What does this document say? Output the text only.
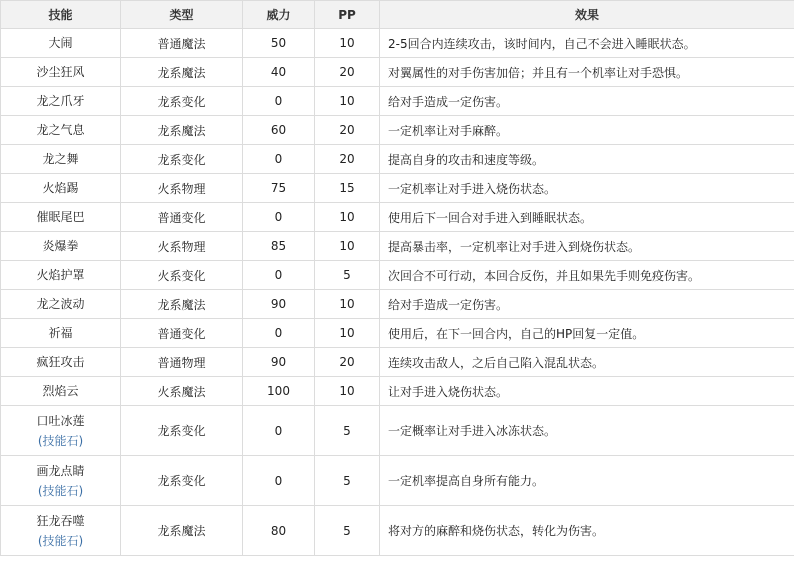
技能	类型	威力	PP	效果

大闹	普通魔法	50	10	2-5回合内连续攻击，该时间内，自己不会进入睡眠状态。

沙尘狂风	龙系魔法	40	20	对翼属性的对手伤害加倍；并且有一个机率让对手恐惧。

龙之爪牙	龙系变化	0	10	给对手造成一定伤害。

龙之气息	龙系魔法	60	20	一定机率让对手麻醉。

龙之舞	龙系变化	0	20	提高自身的攻击和速度等级。

火焰踢	火系物理	75	15	一定机率让对手进入烧伤状态。

催眠尾巴	普通变化	0	10	使用后下一回合对手进入到睡眠状态。

炎爆拳	火系物理	85	10	提高暴击率，一定机率让对手进入到烧伤状态。

火焰护罩	火系变化	0	5	次回合不可行动，本回合反伤，并且如果先手则免疫伤害。

龙之波动	龙系魔法	90	10	给对手造成一定伤害。

祈福	普通变化	0	10	使用后，在下一回合内，自己的HP回复一定值。

疯狂攻击	普通物理	90	20	连续攻击敌人，之后自己陷入混乱状态。

烈焰云	火系魔法	100	10	让对手进入烧伤状态。

口吐冰莲
(技能石)	龙系变化	0	5	一定概率让对手进入冰冻状态。

画龙点睛
(技能石)	龙系变化	0	5	一定机率提高自身所有能力。

狂龙吞噬
(技能石)	龙系魔法	80	5	将对方的麻醉和烧伤状态，转化为伤害。
